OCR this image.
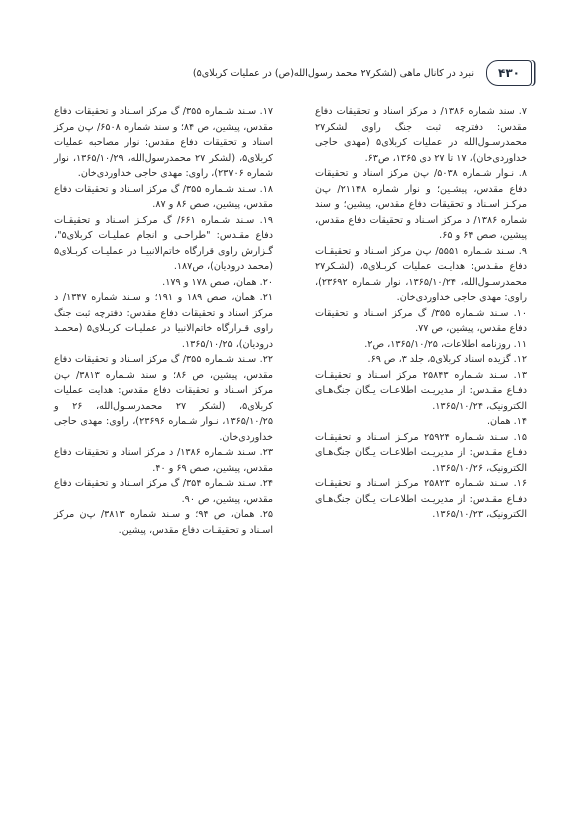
۴۳۰
نبرد در کانال ماهی (لشکر۲۷ محمد رسول‌الله(ص) در عملیات کربلای۵)

۷. سند شماره ۱۳۸۶/ د مرکز اسناد و تحقیقات دفاع مقدس: دفترچه ثبت جنگ راوی لشکر۲۷ محمدرسـول‌الله در عملیات کربلای۵ (مهدی حاجی خداوردی‌خان)، ۱۷ تا ۲۷ دی ۱۳۶۵، ص۶۳.

۸. نـوار شـماره ۵۰۳۸/ پ‌ن مرکز اسناد و تحقیقات دفاع مقدس، پیشـین؛ و نوار شماره ۲۱۱۴۸/ پ‌ن مرکـز اسـناد و تحقیقات دفاع مقدس، پیشین؛ و سند شماره ۱۳۸۶/ د مرکز اسـناد و تحقیقات دفاع مقدس، پیشین، صص ۶۴ و ۶۵.

۹. سـند شـماره ۵۵۵۱/ پ‌ن مرکز اسـناد و تحقیقـات دفاع مقـدس: هدایـت عملیات کربـلای۵، (لشـکر۲۷ محمدرسـول‌الله، ۱۳۶۵/۱۰/۲۴، نوار شـماره ۲۳۶۹۲)، راوی: مهدی حاجی خداوردی‌خان.

۱۰. سـند شـماره ۳۵۵/ گ مرکز اسـناد و تحقیقات دفاع مقدس، پیشین، ص ۷۷.

۱۱. روزنامه اطلاعات، ۱۳۶۵/۱۰/۲۵، ص۲.

۱۲. گزیده اسناد کربلای۵، جلد ۳، ص ۶۹.

۱۳. سـند شـماره ۲۵۸۴۳ مرکز اسـناد و تحقیقـات دفـاع مقـدس: از مدیریـت اطلاعـات یـگان جنگ‌هـای الکترونیک، ۱۳۶۵/۱۰/۲۴.

۱۴. همان.

۱۵. سـند شـماره ۲۵۹۲۴ مرکـز اسـناد و تحقیقـات دفـاع مقـدس: از مدیریـت اطلاعـات یـگان جنگ‌هـای الکترونیک، ۱۳۶۵/۱۰/۲۶.

۱۶. سـند شـماره ۲۵۸۲۳ مرکـز اسـناد و تحقیقـات دفـاع مقـدس: از مدیریـت اطلاعـات یـگان جنگ‌هـای الکترونیک، ۱۳۶۵/۱۰/۲۳.

۱۷. سـند شـماره ۳۵۵/ گ مرکز اسـناد و تحقیقات دفاع مقدس، پیشین، ص ۸۴؛ و سند شماره ۶۵۰۸/ پ‌ن مرکز اسناد و تحقیقات دفاع مقدس: نوار مصاحبه عملیات کربلای۵، (لشکر ۲۷ محمدرسول‌الله، ۱۳۶۵/۱۰/۲۹، نوار شماره ۲۳۷۰۶)، راوی: مهدی حاجی خداوردی‌خان.

۱۸. سـند شـماره ۳۵۵/ گ مرکز اسـناد و تحقیقات دفاع مقدس، پیشین، صص ۸۶ و ۸۷.

۱۹. سـند شـماره ۶۶۱/ گ مرکـز اسـناد و تحقیقـات دفاع مقـدس: "طراحـی و انجام عملیـات کربلای۵"، گـزارش راوی قرارگاه خاتم‌الانبیـا در عملیـات کربـلای۵ (محمد درودیان)، ص۱۸۷.

۲۰. همان، صص ۱۷۸ و ۱۷۹.

۲۱. همان، صص ۱۸۹ و ۱۹۱؛ و سـند شماره ۱۳۴۷/ د مرکز اسناد و تحقیقات دفاع مقدس: دفترچه ثبت جنگ راوی قـرارگاه خاتم‌الانبیا در عملیـات کربـلای۵ (محمـد درودیان)، ۱۳۶۵/۱۰/۲۵.

۲۲. سـند شـماره ۳۵۵/ گ مرکز اسـناد و تحقیقات دفاع مقدس، پیشین، ص ۸۶؛ و سند شـماره ۳۸۱۳/ پ‌ن مرکز اسـناد و تحقیقات دفاع مقدس: هدایت عملیات کربلای۵، (لشکر ۲۷ محمدرسـول‌الله، ۲۶ و ۱۳۶۵/۱۰/۲۵، نـوار شـماره ۲۳۶۹۶)، راوی: مهدی حاجی خداوردی‌خان.

۲۳. سـند شـماره ۱۳۸۶/ د مرکز اسناد و تحقیقات دفاع مقدس، پیشین، صص ۶۹ و ۴۰.

۲۴. سـند شـماره ۳۵۴/ گ مرکز اسـناد و تحقیقات دفاع مقدس، پیشین، ص ۹۰.

۲۵. همان، ص ۹۴؛ و سـند شماره ۳۸۱۳/ پ‌ن مرکز اسـناد و تحقیقـات دفاع مقدس، پیشین.
